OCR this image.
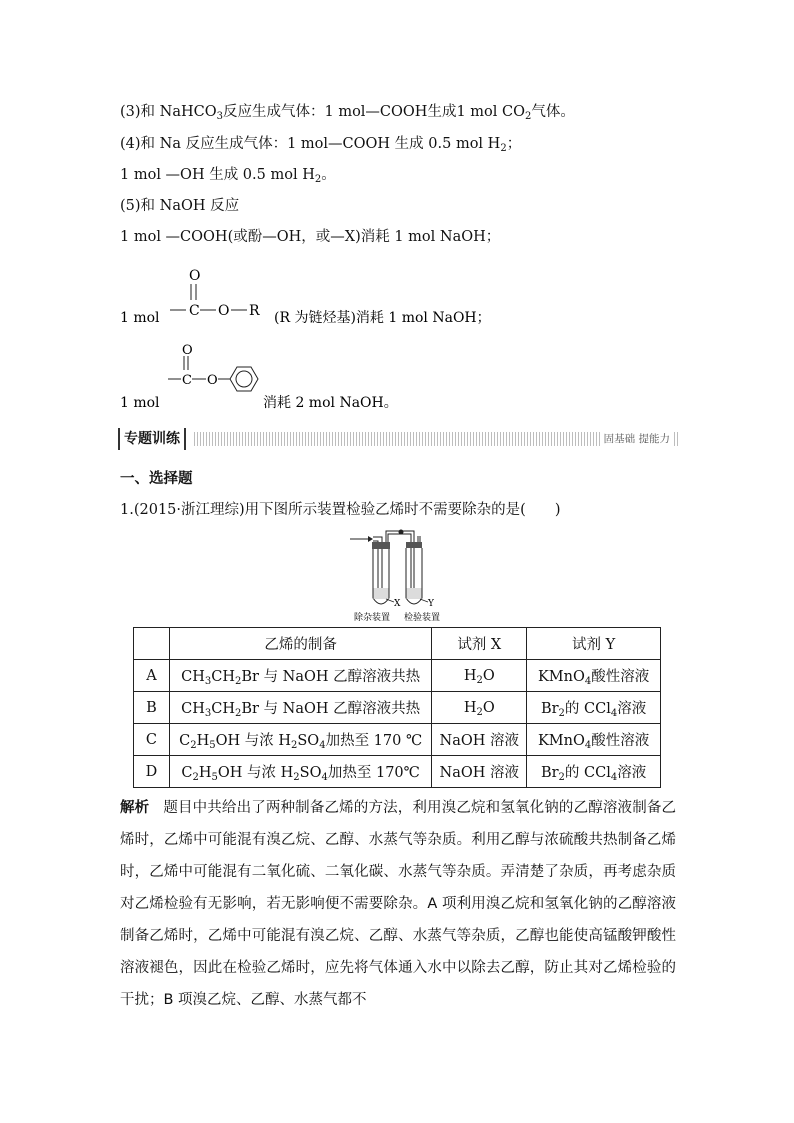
(3)和 NaHCO$_3$反应生成气体：1 mol—COOH生成1 mol $CO_2$气体。
(4)和 Na 反应生成气体：1 mol—COOH 生成 0.5 mol $H_2$；
1 mol —OH 生成 0.5 mol $H_2$。
(5)和 NaOH 反应
1 mol —COOH(或酚—OH，或—X)消耗 1 mol NaOH；
1 mol C
O
O R (R 为链烃基)消耗 1 mol NaOH；
1 mol
C
O
O
消耗 2 mol NaOH。
专题训练	固基础 提能力
一、选择题
1.(2015·浙江理综)用下图所示装置检验乙烯时不需要除杂的是(　　)
X	Y
除杂装置 检验装置
	乙烯的制备	试剂 X	试剂 Y
A	$CH_3CH_2Br$ 与 NaOH 乙醇溶液共热	$H_2O$	KMnO$_4$酸性溶液
B	$CH_3CH_2Br$ 与 NaOH 乙醇溶液共热	$H_2O$	$Br_2$的 CCl$_4$溶液
C	$C_2H_5OH$ 与浓 $H_2SO_4$加热至 170 ℃	NaOH 溶液	KMnO$_4$酸性溶液
D	$C_2H_5OH$ 与浓 $H_2SO_4$加热至 170℃	NaOH 溶液	$Br_2$的 CCl$_4$溶液
解析 题目中共给出了两种制备乙烯的方法，利用溴乙烷和氢氧化钠的乙醇溶液制备乙烯时，乙烯中可能混有溴乙烷、乙醇、水蒸气等杂质。利用乙醇与浓硫酸共热制备乙烯时，乙烯中可能混有二氧化硫、二氧化碳、水蒸气等杂质。弄清楚了杂质，再考虑杂质对乙烯检验有无影响，若无影响便不需要除杂。A 项利用溴乙烷和氢氧化钠的乙醇溶液制备乙烯时，乙烯中可能混有溴乙烷、乙醇、水蒸气等杂质，乙醇也能使高锰酸钾酸性溶液褪色，因此在检验乙烯时，应先将气体通入水中以除去乙醇，防止其对乙烯检验的干扰；B 项溴乙烷、乙醇、水蒸气都不
